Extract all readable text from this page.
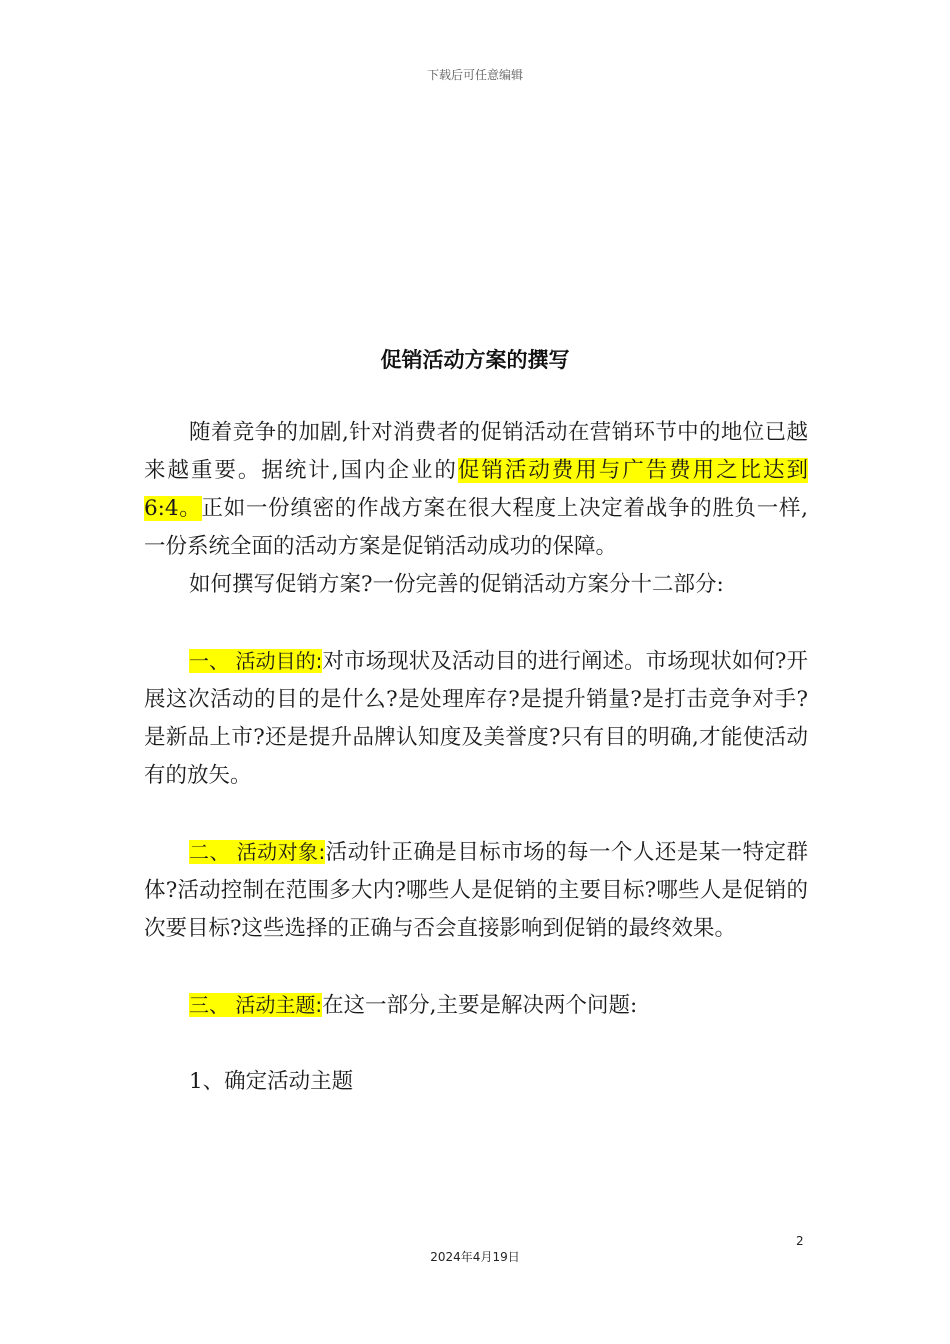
下载后可任意编辑
促销活动方案的撰写

随着竞争的加剧,针对消费者的促销活动在营销环节中的地位已越来越重要。据统计,国内企业的促销活动费用与广告费用之比达到6:4。正如一份缜密的作战方案在很大程度上决定着战争的胜负一样,一份系统全面的活动方案是促销活动成功的保障。

如何撰写促销方案?一份完善的促销活动方案分十二部分:

一、 活动目的:对市场现状及活动目的进行阐述。市场现状如何?开展这次活动的目的是什么?是处理库存?是提升销量?是打击竞争对手?是新品上市?还是提升品牌认知度及美誉度?只有目的明确,才能使活动有的放矢。

二、 活动对象:活动针正确是目标市场的每一个人还是某一特定群体?活动控制在范围多大内?哪些人是促销的主要目标?哪些人是促销的次要目标?这些选择的正确与否会直接影响到促销的最终效果。

三、 活动主题:在这一部分,主要是解决两个问题:

1、确定活动主题

2
2024年4月19日
